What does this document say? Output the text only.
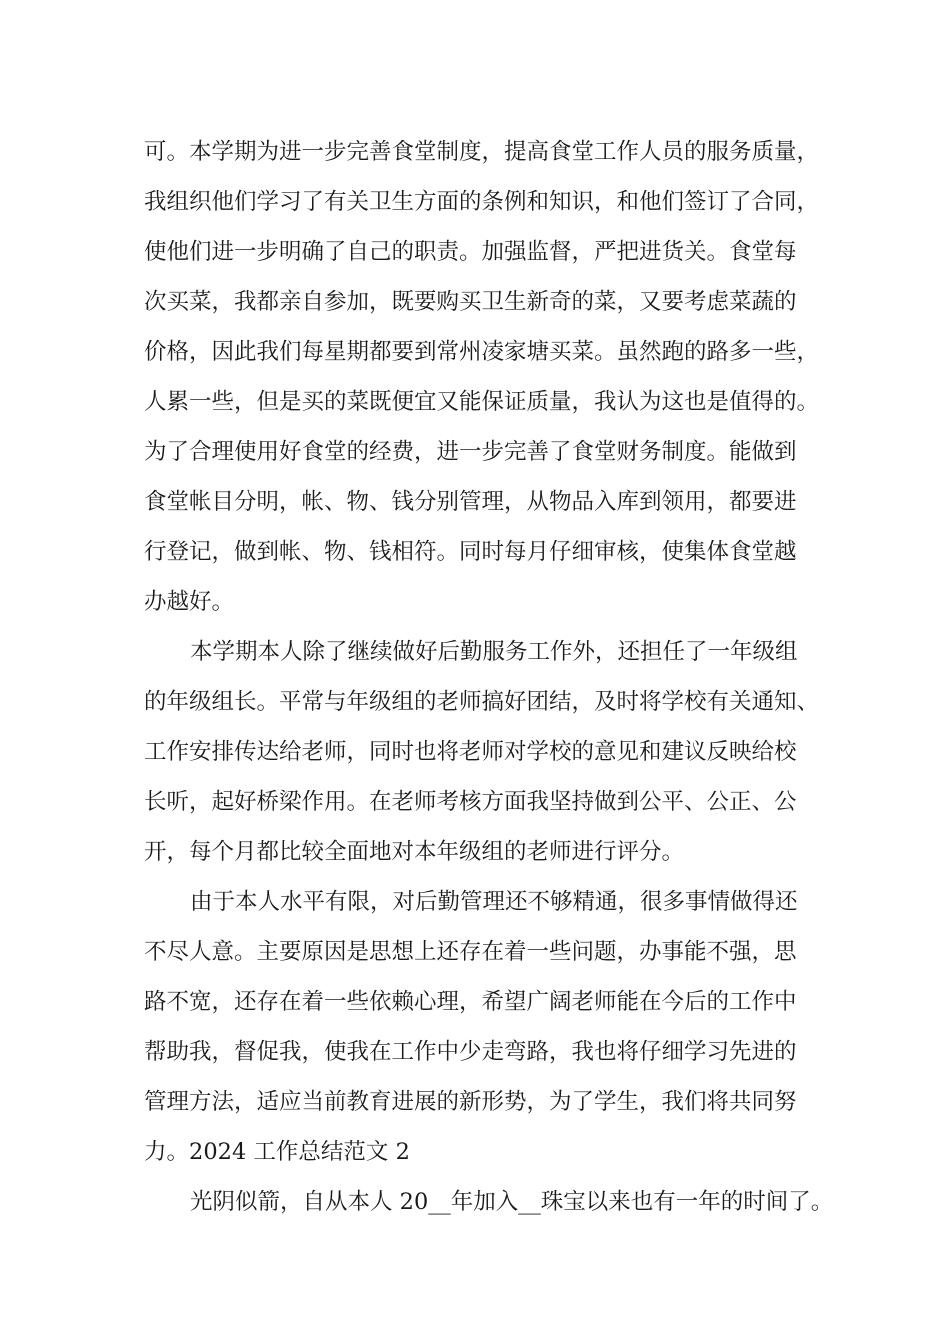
可。本学期为进一步完善食堂制度，提高食堂工作人员的服务质量，
我组织他们学习了有关卫生方面的条例和知识，和他们签订了合同，
使他们进一步明确了自己的职责。加强监督，严把进货关。食堂每
次买菜，我都亲自参加，既要购买卫生新奇的菜，又要考虑菜蔬的
价格，因此我们每星期都要到常州凌家塘买菜。虽然跑的路多一些，
人累一些，但是买的菜既便宜又能保证质量，我认为这也是值得的。
为了合理使用好食堂的经费，进一步完善了食堂财务制度。能做到
食堂帐目分明，帐、物、钱分别管理，从物品入库到领用，都要进
行登记，做到帐、物、钱相符。同时每月仔细审核，使集体食堂越
办越好。
本学期本人除了继续做好后勤服务工作外，还担任了一年级组
的年级组长。平常与年级组的老师搞好团结，及时将学校有关通知、
工作安排传达给老师，同时也将老师对学校的意见和建议反映给校
长听，起好桥梁作用。在老师考核方面我坚持做到公平、公正、公
开，每个月都比较全面地对本年级组的老师进行评分。
由于本人水平有限，对后勤管理还不够精通，很多事情做得还
不尽人意。主要原因是思想上还存在着一些问题，办事能不强，思
路不宽，还存在着一些依赖心理，希望广阔老师能在今后的工作中
帮助我，督促我，使我在工作中少走弯路，我也将仔细学习先进的
管理方法，适应当前教育进展的新形势，为了学生，我们将共同努
力。2024 工作总结范文 2
光阴似箭，自从本人 20__年加入__珠宝以来也有一年的时间了。
